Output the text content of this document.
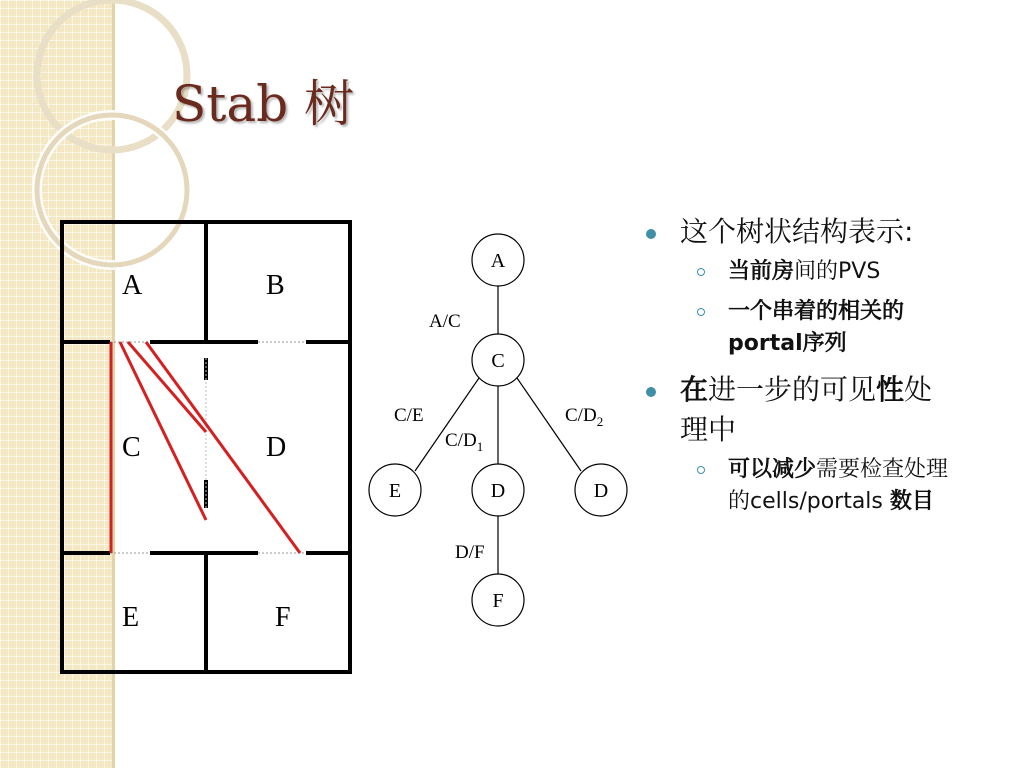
Stab 树
A	B
C	D
E	F
A
C
E	D	D
F
A/C
C/E
$C/D_1$
$C/D_2$
D/F
这个树状结构表示:
当前房间的PVS
一个串着的相关的portal序列
在进一步的可见性处理中
可以减少需要检查处理的cells/portals 数目
